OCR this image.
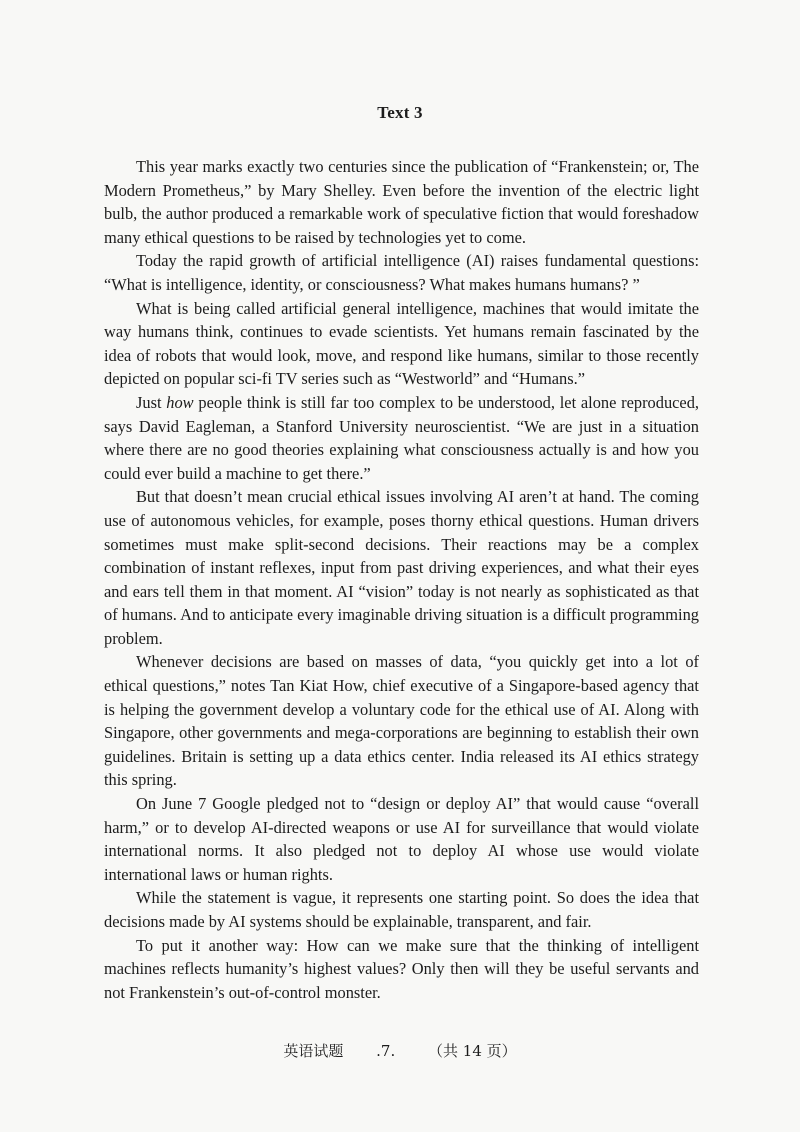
Text 3

This year marks exactly two centuries since the publication of “Frankenstein; or, The Modern Prometheus,” by Mary Shelley. Even before the invention of the electric light bulb, the author produced a remarkable work of speculative fiction that would foreshadow many ethical questions to be raised by technologies yet to come.

Today the rapid growth of artificial intelligence (AI) raises fundamental questions: “What is intelligence, identity, or consciousness? What makes humans humans? ”

What is being called artificial general intelligence, machines that would imitate the way humans think, continues to evade scientists. Yet humans remain fascinated by the idea of robots that would look, move, and respond like humans, similar to those recently depicted on popular sci-fi TV series such as “Westworld” and “Humans.”

Just how people think is still far too complex to be understood, let alone reproduced, says David Eagleman, a Stanford University neuroscientist. “We are just in a situation where there are no good theories explaining what consciousness actually is and how you could ever build a machine to get there.”

But that doesn’t mean crucial ethical issues involving AI aren’t at hand. The coming use of autonomous vehicles, for example, poses thorny ethical questions. Human drivers sometimes must make split-second decisions. Their reactions may be a complex combination of instant reflexes, input from past driving experiences, and what their eyes and ears tell them in that moment. AI “vision” today is not nearly as sophisticated as that of humans. And to anticipate every imaginable driving situation is a difficult programming problem.

Whenever decisions are based on masses of data, “you quickly get into a lot of ethical questions,” notes Tan Kiat How, chief executive of a Singapore-based agency that is helping the government develop a voluntary code for the ethical use of AI. Along with Singapore, other governments and mega-corporations are beginning to establish their own guidelines. Britain is setting up a data ethics center. India released its AI ethics strategy this spring.

On June 7 Google pledged not to “design or deploy AI” that would cause “overall harm,” or to develop AI-directed weapons or use AI for surveillance that would violate international norms. It also pledged not to deploy AI whose use would violate international laws or human rights.

While the statement is vague, it represents one starting point. So does the idea that decisions made by AI systems should be explainable, transparent, and fair.

To put it another way: How can we make sure that the thinking of intelligent machines reflects humanity’s highest values? Only then will they be useful servants and not Frankenstein’s out-of-control monster.

英语试题 .7. （共 14 页）
